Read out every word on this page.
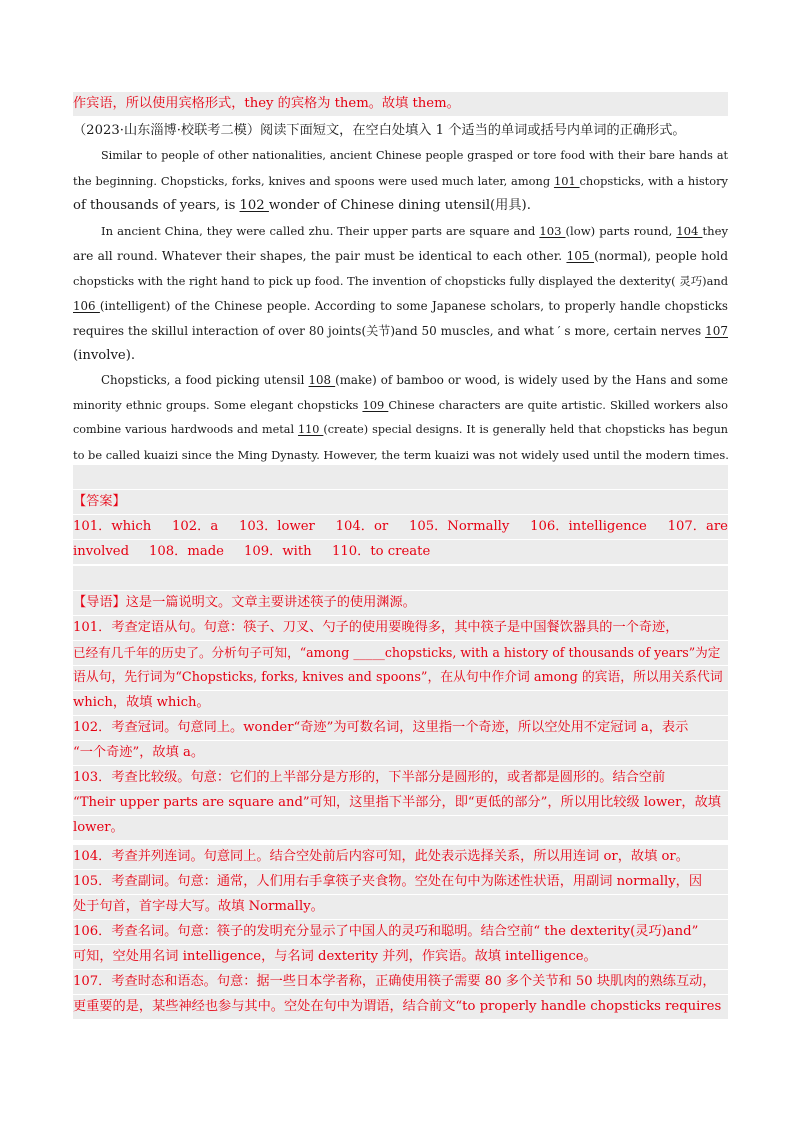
作宾语，所以使用宾格形式，they 的宾格为 them。故填 them。
（2023·山东淄博·校联考二模）阅读下面短文，在空白处填入 1 个适当的单词或括号内单词的正确形式。
Similar to people of other nationalities, ancient Chinese people grasped or tore food with their bare hands at
the beginning. Chopsticks, forks, knives and spoons were used much later, among 101 chopsticks, with a history
of thousands of years, is 102 wonder of Chinese dining utensil(用具).
In ancient China, they were called zhu. Their upper parts are square and 103 (low) parts round, 104 they
are all round. Whatever their shapes, the pair must be identical to each other. 105 (normal), people hold
chopsticks with the right hand to pick up food. The invention of chopsticks fully displayed the dexterity( 灵巧)and
106 (intelligent) of the Chinese people. According to some Japanese scholars, to properly handle chopsticks
requires the skillul interaction of over 80 joints(关节)and 50 muscles, and what ′ s more, certain nerves 107
(involve).
Chopsticks, a food picking utensil 108 (make) of bamboo or wood, is widely used by the Hans and some
minority ethnic groups. Some elegant chopsticks 109 Chinese characters are quite artistic. Skilled workers also
combine various hardwoods and metal 110 (create) special designs. It is generally held that chopsticks has begun
to be called kuaizi since the Ming Dynasty. However, the term kuaizi was not widely used until the modern times.
【答案】
101．which 102．a 103．lower 104．or 105．Normally 106．intelligence 107．are
involved	108．made	109．with	110．to create
【导语】这是一篇说明文。文章主要讲述筷子的使用渊源。
101．考查定语从句。句意：筷子、刀叉、勺子的使用要晚得多，其中筷子是中国餐饮器具的一个奇迹，
已经有几千年的历史了。分析句子可知，“among _____chopsticks, with a history of thousands of years”为定
语从句，先行词为“Chopsticks, forks, knives and spoons”，在从句中作介词 among 的宾语，所以用关系代词
which，故填 which。
102．考查冠词。句意同上。wonder“奇迹”为可数名词，这里指一个奇迹，所以空处用不定冠词 a，表示
“一个奇迹”，故填 a。
103．考查比较级。句意：它们的上半部分是方形的，下半部分是圆形的，或者都是圆形的。结合空前
“Their upper parts are square and”可知，这里指下半部分，即“更低的部分”，所以用比较级 lower，故填
lower。
104．考查并列连词。句意同上。结合空处前后内容可知，此处表示选择关系，所以用连词 or，故填 or。
105．考查副词。句意：通常，人们用右手拿筷子夹食物。空处在句中为陈述性状语，用副词 normally，因
处于句首，首字母大写。故填 Normally。
106．考查名词。句意：筷子的发明充分显示了中国人的灵巧和聪明。结合空前“ the dexterity(灵巧)and”
可知，空处用名词 intelligence，与名词 dexterity 并列，作宾语。故填 intelligence。
107．考查时态和语态。句意：据一些日本学者称，正确使用筷子需要 80 多个关节和 50 块肌肉的熟练互动，
更重要的是，某些神经也参与其中。空处在句中为谓语，结合前文“to properly handle chopsticks requires
